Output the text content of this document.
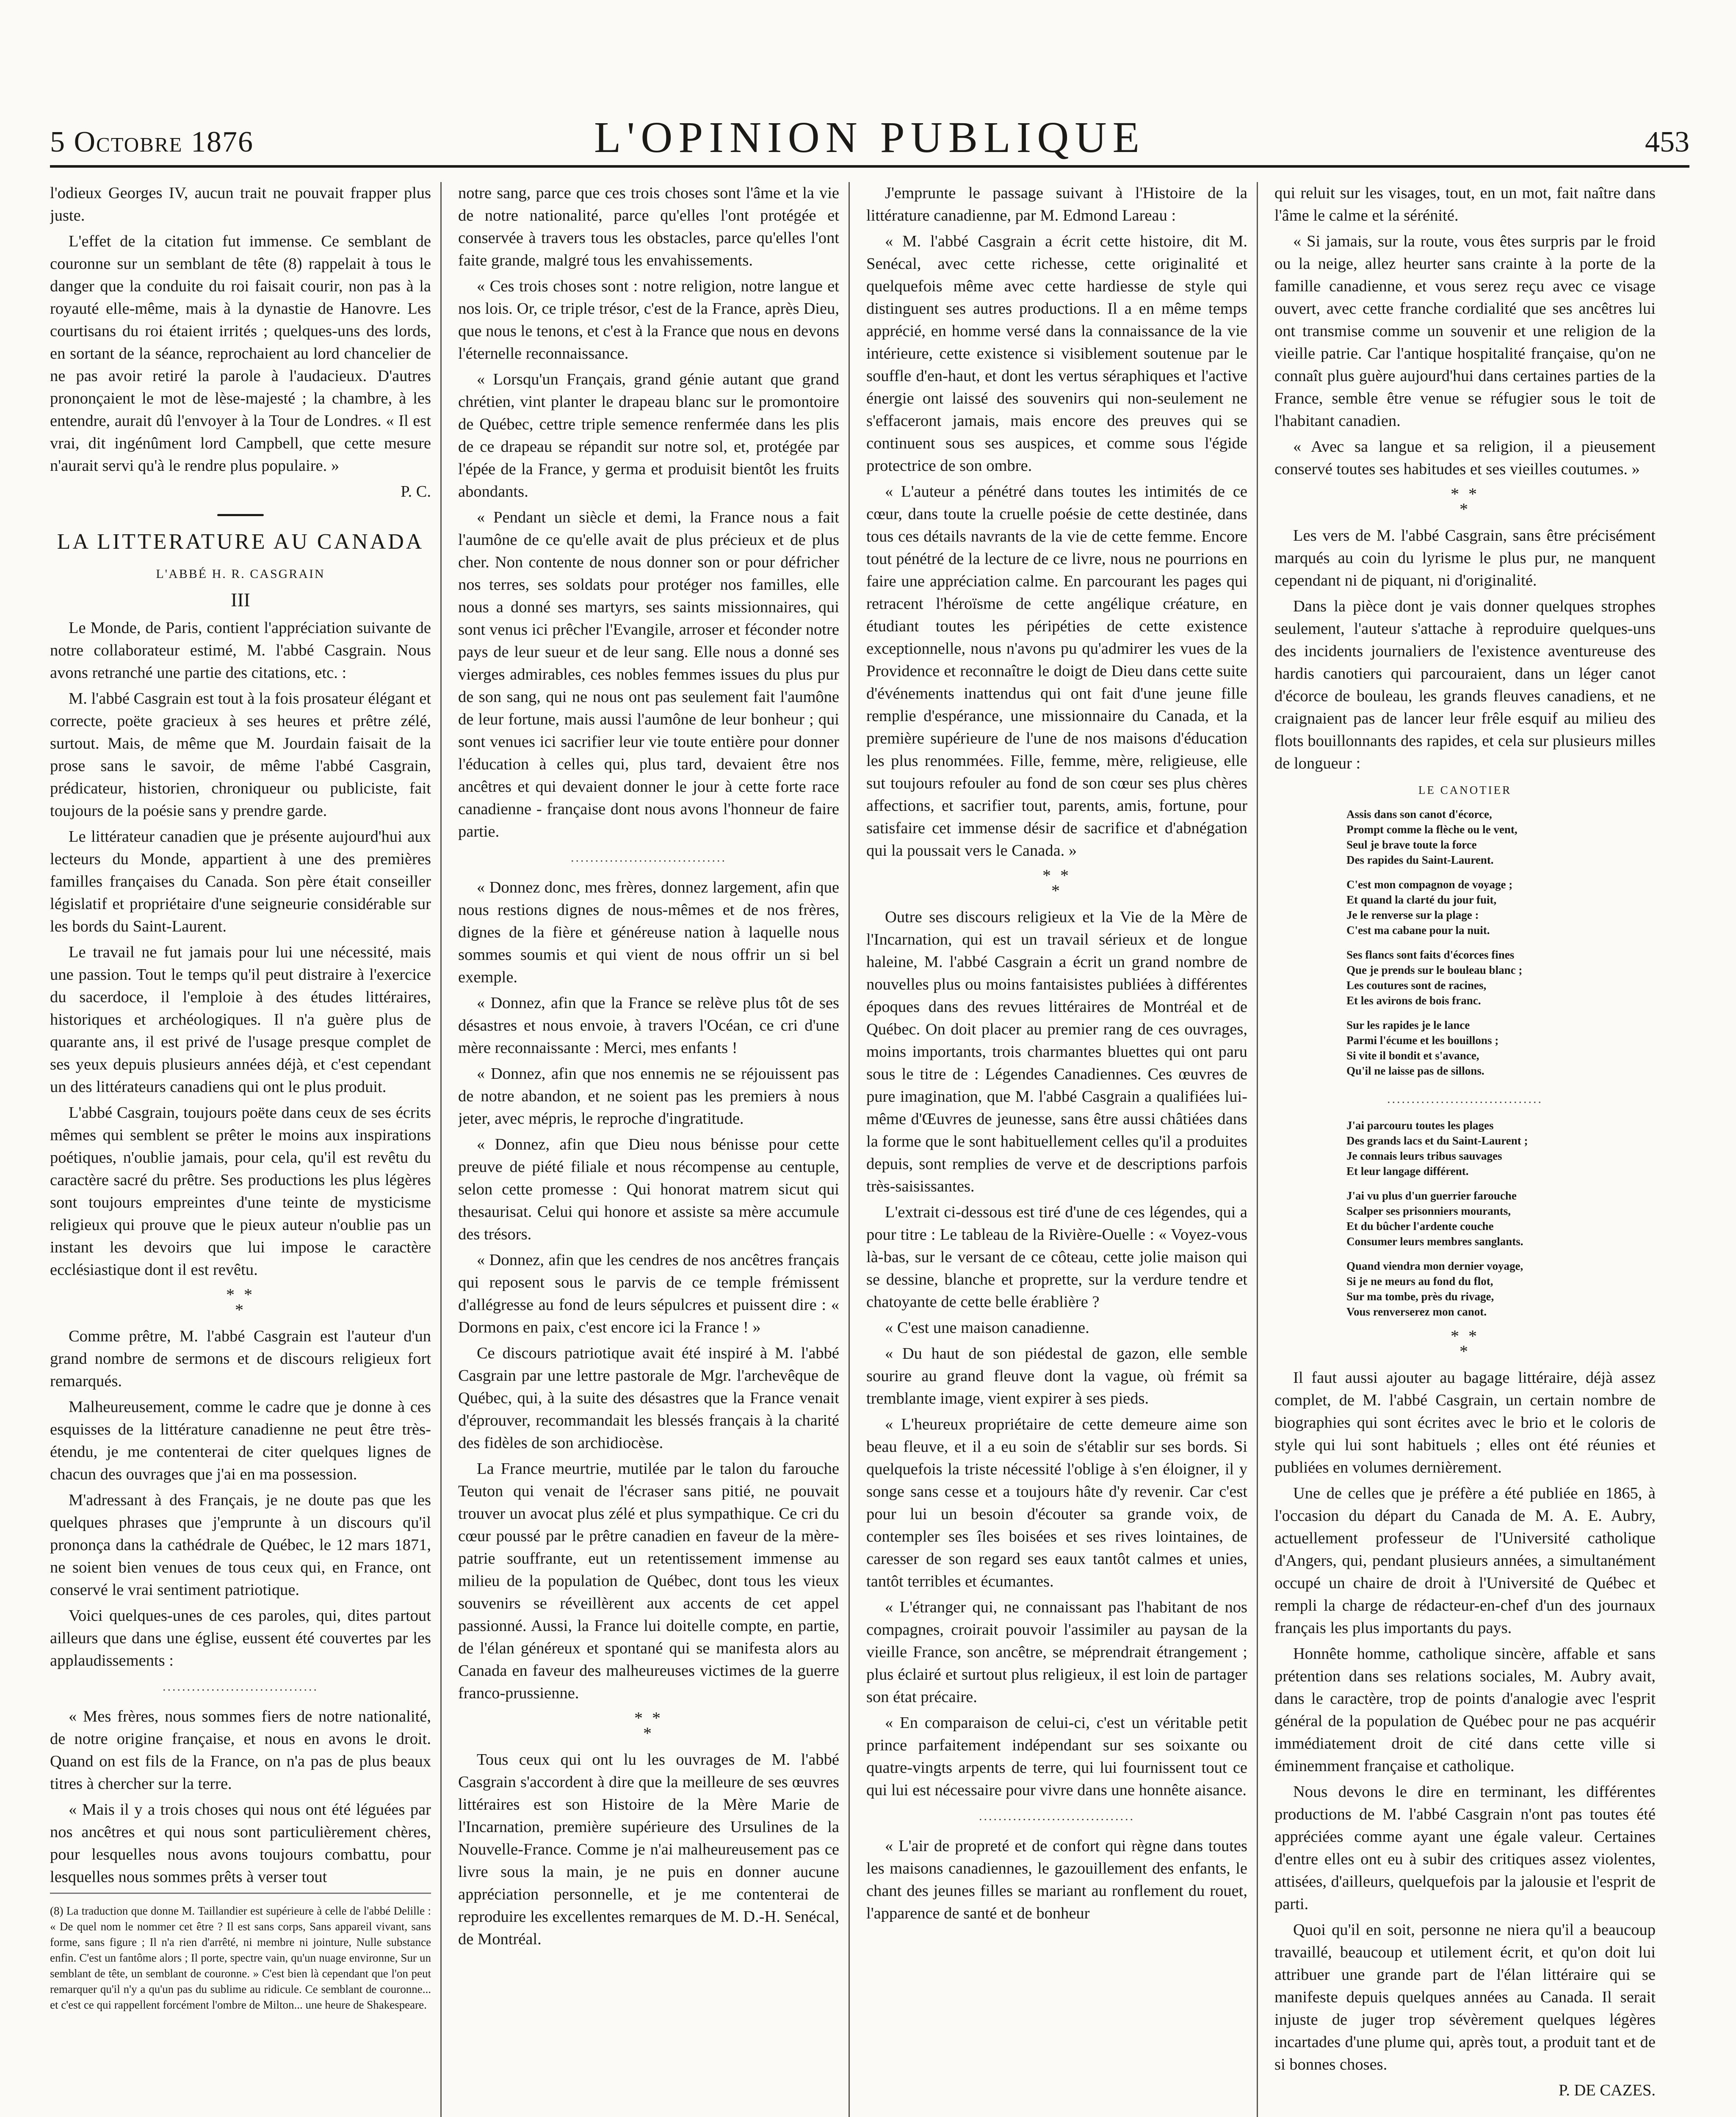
5 Octobre 1876	L'OPINION PUBLIQUE	453

l'odieux Georges IV, aucun trait ne pouvait frapper plus juste.

L'effet de la citation fut immense. Ce semblant de couronne sur un semblant de tête (8) rappelait à tous le danger que la conduite du roi faisait courir, non pas à la royauté elle-même, mais à la dynastie de Hanovre. Les courtisans du roi étaient irrités ; quelques-uns des lords, en sortant de la séance, reprochaient au lord chancelier de ne pas avoir retiré la parole à l'audacieux. D'autres prononçaient le mot de lèse-majesté ; la chambre, à les entendre, aurait dû l'envoyer à la Tour de Londres. « Il est vrai, dit ingénûment lord Campbell, que cette mesure n'aurait servi qu'à le rendre plus populaire. »

P. C.

LA LITTERATURE AU CANADA
L'ABBÉ H. R. CASGRAIN
III

Le Monde, de Paris, contient l'appréciation suivante de notre collaborateur estimé, M. l'abbé Casgrain. Nous avons retranché une partie des citations, etc. :

M. l'abbé Casgrain est tout à la fois prosateur élégant et correcte, poëte gracieux à ses heures et prêtre zélé, surtout. Mais, de même que M. Jourdain faisait de la prose sans le savoir, de même l'abbé Casgrain, prédicateur, historien, chroniqueur ou publiciste, fait toujours de la poésie sans y prendre garde.

Le littérateur canadien que je présente aujourd'hui aux lecteurs du Monde, appartient à une des premières familles françaises du Canada. Son père était conseiller législatif et propriétaire d'une seigneurie considérable sur les bords du Saint-Laurent.

Le travail ne fut jamais pour lui une nécessité, mais une passion. Tout le temps qu'il peut distraire à l'exercice du sacerdoce, il l'emploie à des études littéraires, historiques et archéologiques. Il n'a guère plus de quarante ans, il est privé de l'usage presque complet de ses yeux depuis plusieurs années déjà, et c'est cependant un des littérateurs canadiens qui ont le plus produit.

L'abbé Casgrain, toujours poëte dans ceux de ses écrits mêmes qui semblent se prêter le moins aux inspirations poétiques, n'oublie jamais, pour cela, qu'il est revêtu du caractère sacré du prêtre. Ses productions les plus légères sont toujours empreintes d'une teinte de mysticisme religieux qui prouve que le pieux auteur n'oublie pas un instant les devoirs que lui impose le caractère ecclésiastique dont il est revêtu.

* *
*

Comme prêtre, M. l'abbé Casgrain est l'auteur d'un grand nombre de sermons et de discours religieux fort remarqués.

Malheureusement, comme le cadre que je donne à ces esquisses de la littérature canadienne ne peut être très-étendu, je me contenterai de citer quelques lignes de chacun des ouvrages que j'ai en ma possession.

M'adressant à des Français, je ne doute pas que les quelques phrases que j'emprunte à un discours qu'il prononça dans la cathédrale de Québec, le 12 mars 1871, ne soient bien venues de tous ceux qui, en France, ont conservé le vrai sentiment patriotique.

Voici quelques-unes de ces paroles, qui, dites partout ailleurs que dans une église, eussent été couvertes par les applaudissements :

................................

« Mes frères, nous sommes fiers de notre nationalité, de notre origine française, et nous en avons le droit. Quand on est fils de la France, on n'a pas de plus beaux titres à chercher sur la terre.

« Mais il y a trois choses qui nous ont été léguées par nos ancêtres et qui nous sont particulièrement chères, pour lesquelles nous avons toujours combattu, pour lesquelles nous sommes prêts à verser tout

(8) La traduction que donne M. Taillandier est supérieure à celle de l'abbé Delille : « De quel nom le nommer cet être ? Il est sans corps, Sans appareil vivant, sans forme, sans figure ; Il n'a rien d'arrêté, ni membre ni jointure, Nulle substance enfin. C'est un fantôme alors ; Il porte, spectre vain, qu'un nuage environne, Sur un semblant de tête, un semblant de couronne. » C'est bien là cependant que l'on peut remarquer qu'il n'y a qu'un pas du sublime au ridicule. Ce semblant de couronne... et c'est ce qui rappellent forcément l'ombre de Milton... une heure de Shakespeare.

notre sang, parce que ces trois choses sont l'âme et la vie de notre nationalité, parce qu'elles l'ont protégée et conservée à travers tous les obstacles, parce qu'elles l'ont faite grande, malgré tous les envahissements.

« Ces trois choses sont : notre religion, notre langue et nos lois. Or, ce triple trésor, c'est de la France, après Dieu, que nous le tenons, et c'est à la France que nous en devons l'éternelle reconnaissance.

« Lorsqu'un Français, grand génie autant que grand chrétien, vint planter le drapeau blanc sur le promontoire de Québec, cettre triple semence renfermée dans les plis de ce drapeau se répandit sur notre sol, et, protégée par l'épée de la France, y germa et produisit bientôt les fruits abondants.

« Pendant un siècle et demi, la France nous a fait l'aumône de ce qu'elle avait de plus précieux et de plus cher. Non contente de nous donner son or pour défricher nos terres, ses soldats pour protéger nos familles, elle nous a donné ses martyrs, ses saints missionnaires, qui sont venus ici prêcher l'Evangile, arroser et féconder notre pays de leur sueur et de leur sang. Elle nous a donné ses vierges admirables, ces nobles femmes issues du plus pur de son sang, qui ne nous ont pas seulement fait l'aumône de leur fortune, mais aussi l'aumône de leur bonheur ; qui sont venues ici sacrifier leur vie toute entière pour donner l'éducation à celles qui, plus tard, devaient être nos ancêtres et qui devaient donner le jour à cette forte race canadienne - française dont nous avons l'honneur de faire partie.

................................

« Donnez donc, mes frères, donnez largement, afin que nous restions dignes de nous-mêmes et de nos frères, dignes de la fière et généreuse nation à laquelle nous sommes soumis et qui vient de nous offrir un si bel exemple.

« Donnez, afin que la France se relève plus tôt de ses désastres et nous envoie, à travers l'Océan, ce cri d'une mère reconnaissante : Merci, mes enfants !

« Donnez, afin que nos ennemis ne se réjouissent pas de notre abandon, et ne soient pas les premiers à nous jeter, avec mépris, le reproche d'ingratitude.

« Donnez, afin que Dieu nous bénisse pour cette preuve de piété filiale et nous récompense au centuple, selon cette promesse : Qui honorat matrem sicut qui thesaurisat. Celui qui honore et assiste sa mère accumule des trésors.

« Donnez, afin que les cendres de nos ancêtres français qui reposent sous le parvis de ce temple frémissent d'allégresse au fond de leurs sépulcres et puissent dire : « Dormons en paix, c'est encore ici la France ! »

Ce discours patriotique avait été inspiré à M. l'abbé Casgrain par une lettre pastorale de Mgr. l'archevêque de Québec, qui, à la suite des désastres que la France venait d'éprouver, recommandait les blessés français à la charité des fidèles de son archidiocèse.

La France meurtrie, mutilée par le talon du farouche Teuton qui venait de l'écraser sans pitié, ne pouvait trouver un avocat plus zélé et plus sympathique. Ce cri du cœur poussé par le prêtre canadien en faveur de la mère-patrie souffrante, eut un retentissement immense au milieu de la population de Québec, dont tous les vieux souvenirs se réveillèrent aux accents de cet appel passionné. Aussi, la France lui doitelle compte, en partie, de l'élan généreux et spontané qui se manifesta alors au Canada en faveur des malheureuses victimes de la guerre franco-prussienne.

* *
*

Tous ceux qui ont lu les ouvrages de M. l'abbé Casgrain s'accordent à dire que la meilleure de ses œuvres littéraires est son Histoire de la Mère Marie de l'Incarnation, première supérieure des Ursulines de la Nouvelle-France. Comme je n'ai malheureusement pas ce livre sous la main, je ne puis en donner aucune appréciation personnelle, et je me contenterai de reproduire les excellentes remarques de M. D.-H. Senécal, de Montréal.

J'emprunte le passage suivant à l'Histoire de la littérature canadienne, par M. Edmond Lareau :

« M. l'abbé Casgrain a écrit cette histoire, dit M. Senécal, avec cette richesse, cette originalité et quelquefois même avec cette hardiesse de style qui distinguent ses autres productions. Il a en même temps apprécié, en homme versé dans la connaissance de la vie intérieure, cette existence si visiblement soutenue par le souffle d'en-haut, et dont les vertus séraphiques et l'active énergie ont laissé des souvenirs qui non-seulement ne s'effaceront jamais, mais encore des preuves qui se continuent sous ses auspices, et comme sous l'égide protectrice de son ombre.

« L'auteur a pénétré dans toutes les intimités de ce cœur, dans toute la cruelle poésie de cette destinée, dans tous ces détails navrants de la vie de cette femme. Encore tout pénétré de la lecture de ce livre, nous ne pourrions en faire une appréciation calme. En parcourant les pages qui retracent l'héroïsme de cette angélique créature, en étudiant toutes les péripéties de cette existence exceptionnelle, nous n'avons pu qu'admirer les vues de la Providence et reconnaître le doigt de Dieu dans cette suite d'événements inattendus qui ont fait d'une jeune fille remplie d'espérance, une missionnaire du Canada, et la première supérieure de l'une de nos maisons d'éducation les plus renommées. Fille, femme, mère, religieuse, elle sut toujours refouler au fond de son cœur ses plus chères affections, et sacrifier tout, parents, amis, fortune, pour satisfaire cet immense désir de sacrifice et d'abnégation qui la poussait vers le Canada. »

* *
*

Outre ses discours religieux et la Vie de la Mère de l'Incarnation, qui est un travail sérieux et de longue haleine, M. l'abbé Casgrain a écrit un grand nombre de nouvelles plus ou moins fantaisistes publiées à différentes époques dans des revues littéraires de Montréal et de Québec. On doit placer au premier rang de ces ouvrages, moins importants, trois charmantes bluettes qui ont paru sous le titre de : Légendes Canadiennes. Ces œuvres de pure imagination, que M. l'abbé Casgrain a qualifiées lui-même d'Œuvres de jeunesse, sans être aussi châtiées dans la forme que le sont habituellement celles qu'il a produites depuis, sont remplies de verve et de descriptions parfois très-saisissantes.

L'extrait ci-dessous est tiré d'une de ces légendes, qui a pour titre : Le tableau de la Rivière-Ouelle : « Voyez-vous là-bas, sur le versant de ce côteau, cette jolie maison qui se dessine, blanche et proprette, sur la verdure tendre et chatoyante de cette belle érablière ?

« C'est une maison canadienne.

« Du haut de son piédestal de gazon, elle semble sourire au grand fleuve dont la vague, où frémit sa tremblante image, vient expirer à ses pieds.

« L'heureux propriétaire de cette demeure aime son beau fleuve, et il a eu soin de s'établir sur ses bords. Si quelquefois la triste nécessité l'oblige à s'en éloigner, il y songe sans cesse et a toujours hâte d'y revenir. Car c'est pour lui un besoin d'écouter sa grande voix, de contempler ses îles boisées et ses rives lointaines, de caresser de son regard ses eaux tantôt calmes et unies, tantôt terribles et écumantes.

« L'étranger qui, ne connaissant pas l'habitant de nos compagnes, croirait pouvoir l'assimiler au paysan de la vieille France, son ancêtre, se méprendrait étrangement ; plus éclairé et surtout plus religieux, il est loin de partager son état précaire.

« En comparaison de celui-ci, c'est un véritable petit prince parfaitement indépendant sur ses soixante ou quatre-vingts arpents de terre, qui lui fournissent tout ce qui lui est nécessaire pour vivre dans une honnête aisance.

................................

« L'air de propreté et de confort qui règne dans toutes les maisons canadiennes, le gazouillement des enfants, le chant des jeunes filles se mariant au ronflement du rouet, l'apparence de santé et de bonheur

qui reluit sur les visages, tout, en un mot, fait naître dans l'âme le calme et la sérénité.

« Si jamais, sur la route, vous êtes surpris par le froid ou la neige, allez heurter sans crainte à la porte de la famille canadienne, et vous serez reçu avec ce visage ouvert, avec cette franche cordialité que ses ancêtres lui ont transmise comme un souvenir et une religion de la vieille patrie. Car l'antique hospitalité française, qu'on ne connaît plus guère aujourd'hui dans certaines parties de la France, semble être venue se réfugier sous le toit de l'habitant canadien.

« Avec sa langue et sa religion, il a pieusement conservé toutes ses habitudes et ses vieilles coutumes. »

* *
*

Les vers de M. l'abbé Casgrain, sans être précisément marqués au coin du lyrisme le plus pur, ne manquent cependant ni de piquant, ni d'originalité.

Dans la pièce dont je vais donner quelques strophes seulement, l'auteur s'attache à reproduire quelques-uns des incidents journaliers de l'existence aventureuse des hardis canotiers qui parcouraient, dans un léger canot d'écorce de bouleau, les grands fleuves canadiens, et ne craignaient pas de lancer leur frêle esquif au milieu des flots bouillonnants des rapides, et cela sur plusieurs milles de longueur :

LE CANOTIER
Assis dans son canot d'écorce,
Prompt comme la flèche ou le vent,
Seul je brave toute la force
Des rapides du Saint-Laurent.
C'est mon compagnon de voyage ;
Et quand la clarté du jour fuit,
Je le renverse sur la plage :
C'est ma cabane pour la nuit.
Ses flancs sont faits d'écorces fines
Que je prends sur le bouleau blanc ;
Les coutures sont de racines,
Et les avirons de bois franc.
Sur les rapides je le lance
Parmi l'écume et les bouillons ;
Si vite il bondit et s'avance,
Qu'il ne laisse pas de sillons.
................................
J'ai parcouru toutes les plages
Des grands lacs et du Saint-Laurent ;
Je connais leurs tribus sauvages
Et leur langage différent.
J'ai vu plus d'un guerrier farouche
Scalper ses prisonniers mourants,
Et du bûcher l'ardente couche
Consumer leurs membres sanglants.
Quand viendra mon dernier voyage,
Si je ne meurs au fond du flot,
Sur ma tombe, près du rivage,
Vous renverserez mon canot.
* *
*

Il faut aussi ajouter au bagage littéraire, déjà assez complet, de M. l'abbé Casgrain, un certain nombre de biographies qui sont écrites avec le brio et le coloris de style qui lui sont habituels ; elles ont été réunies et publiées en volumes dernièrement.

Une de celles que je préfère a été publiée en 1865, à l'occasion du départ du Canada de M. A. E. Aubry, actuellement professeur de l'Université catholique d'Angers, qui, pendant plusieurs années, a simultanément occupé un chaire de droit à l'Université de Québec et rempli la charge de rédacteur-en-chef d'un des journaux français les plus importants du pays.

Honnête homme, catholique sincère, affable et sans prétention dans ses relations sociales, M. Aubry avait, dans le caractère, trop de points d'analogie avec l'esprit général de la population de Québec pour ne pas acquérir immédiatement droit de cité dans cette ville si éminemment française et catholique.

Nous devons le dire en terminant, les différentes productions de M. l'abbé Casgrain n'ont pas toutes été appréciées comme ayant une égale valeur. Certaines d'entre elles ont eu à subir des critiques assez violentes, attisées, d'ailleurs, quelquefois par la jalousie et l'esprit de parti.

Quoi qu'il en soit, personne ne niera qu'il a beaucoup travaillé, beaucoup et utilement écrit, et qu'on doit lui attribuer une grande part de l'élan littéraire qui se manifeste depuis quelques années au Canada. Il serait injuste de juger trop sévèrement quelques légères incartades d'une plume qui, après tout, a produit tant et de si bonnes choses.

P. DE CAZES.
